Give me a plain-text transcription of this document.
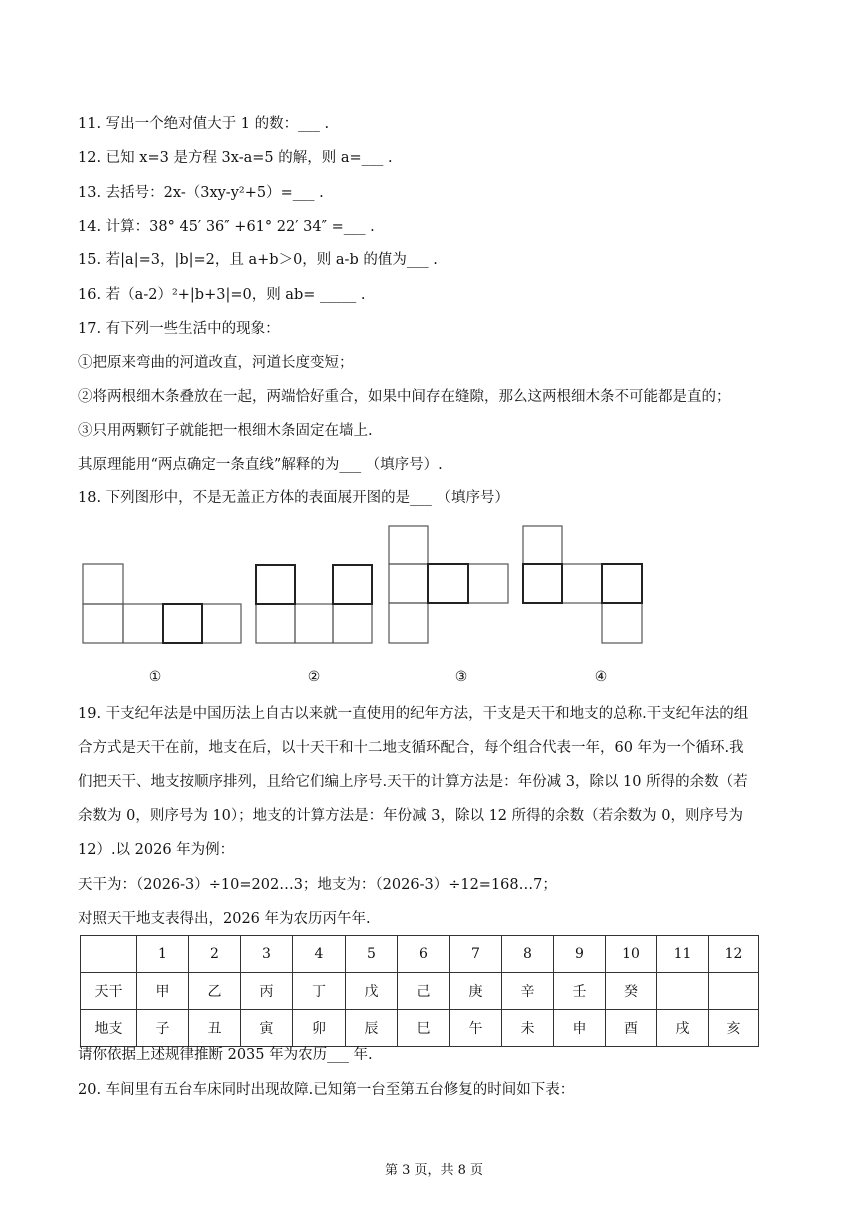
11. 写出一个绝对值大于 1 的数：___ .
12. 已知 x=3 是方程 3x-a=5 的解，则 a=___ .
13. 去括号：2x-（3xy-y²+5）=___ .
14. 计算：38° 45′ 36″ +61° 22′ 34″ =___ .
15. 若|a|=3，|b|=2，且 a+b＞0，则 a-b 的值为___ .
16. 若（a-2）²+|b+3|=0，则 ab= _____ .
17. 有下列一些生活中的现象：
①把原来弯曲的河道改直，河道长度变短；
②将两根细木条叠放在一起，两端恰好重合，如果中间存在缝隙，那么这两根细木条不可能都是直的；
③只用两颗钉子就能把一根细木条固定在墙上.
其原理能用“两点确定一条直线”解释的为___ （填序号）.
18. 下列图形中，不是无盖正方体的表面展开图的是___ （填序号）
①	②	③	④
19. 干支纪年法是中国历法上自古以来就一直使用的纪年方法，干支是天干和地支的总称.干支纪年法的组
合方式是天干在前，地支在后，以十天干和十二地支循环配合，每个组合代表一年，60 年为一个循环.我
们把天干、地支按顺序排列，且给它们编上序号.天干的计算方法是：年份减 3，除以 10 所得的余数（若
余数为 0，则序号为 10）；地支的计算方法是：年份减 3，除以 12 所得的余数（若余数为 0，则序号为
12）.以 2026 年为例：
天干为：（2026-3）÷10=202…3；地支为：（2026-3）÷12=168…7；
对照天干地支表得出，2026 年为农历丙午年.
	1	2	3	4	5	6	7	8	9	10	11	12
天干	甲	乙	丙	丁	戊	己	庚	辛	壬	癸		
地支	子	丑	寅	卯	辰	巳	午	未	申	酉	戌	亥
请你依据上述规律推断 2035 年为农历___ 年.
20. 车间里有五台车床同时出现故障.已知第一台至第五台修复的时间如下表：
第 3 页，共 8 页
